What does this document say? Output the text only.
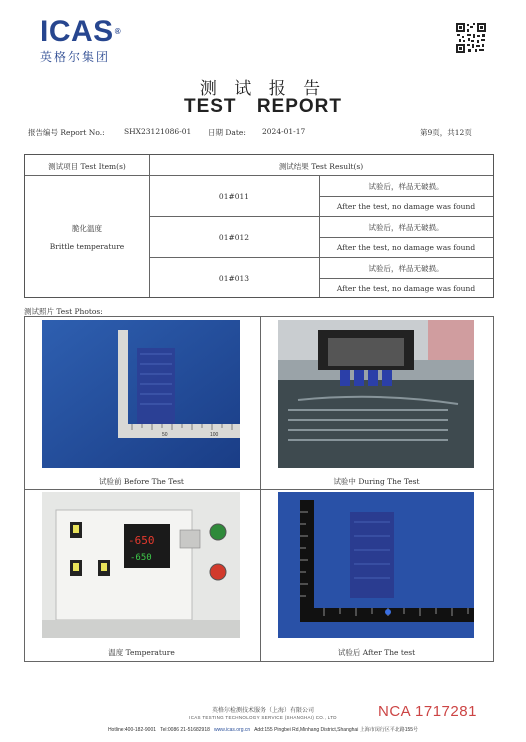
ICAS®
英格尔集团
测 试 报 告
TEST REPORT
报告编号 Report No.:	SHX23121086-01 日期 Date: 2024-01-17	第9页，共12页
测试项目 Test Item(s)	测试结果 Test Result(s)
脆化温度
Brittle temperature
01#011
试验后，样品无破损。
After the test, no damage was found
01#012
试验后，样品无破损。
After the test, no damage was found
01#013
试验后，样品无破损。
After the test, no damage was found
测试照片 Test Photos:
50	100
-650
-650
试验前 Before The Test	试验中 During The Test
温度 Temperature	试验后 After The test
英格尔检测技术服务（上海）有限公司
ICAS TESTING TECHNOLOGY SERVICE (SHANGHAI) CO., LTD	NCA 1717281
Hotline:400-182-9001 Tel:0086 21-51682918 www.icas.org.cn Add:155 Pingbei Rd,Minhang District,Shanghai 上海市闵行区平北路155号
